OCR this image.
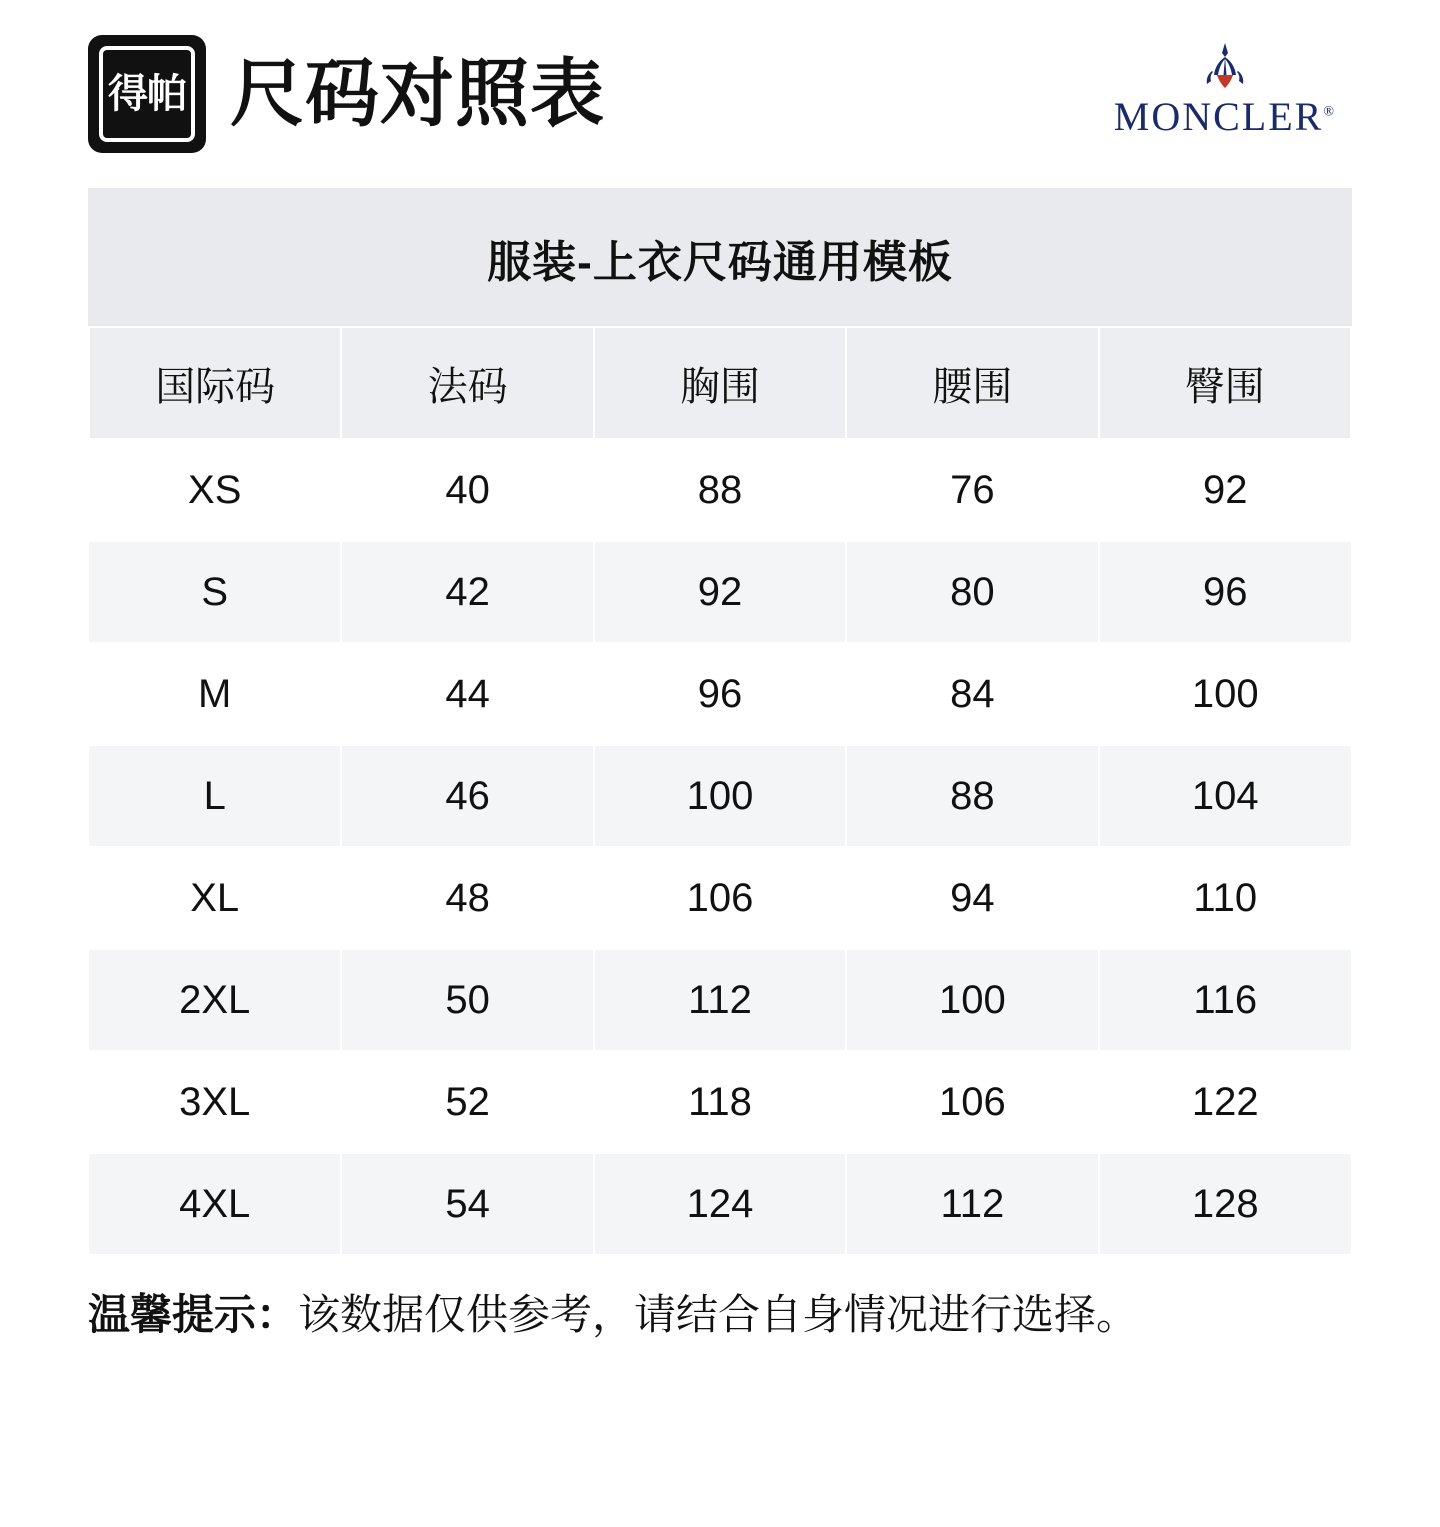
得帕 尺码对照表	MONCLER®
服装-上衣尺码通用模板
国际码	法码	胸围	腰围	臀围
XS	40	88	76	92
S	42	92	80	96
M	44	96	84	100
L	46	100	88	104
XL	48	106	94	110
2XL	50	112	100	116
3XL	52	118	106	122
4XL	54	124	112	128
温馨提示：该数据仅供参考，请结合自身情况进行选择。
